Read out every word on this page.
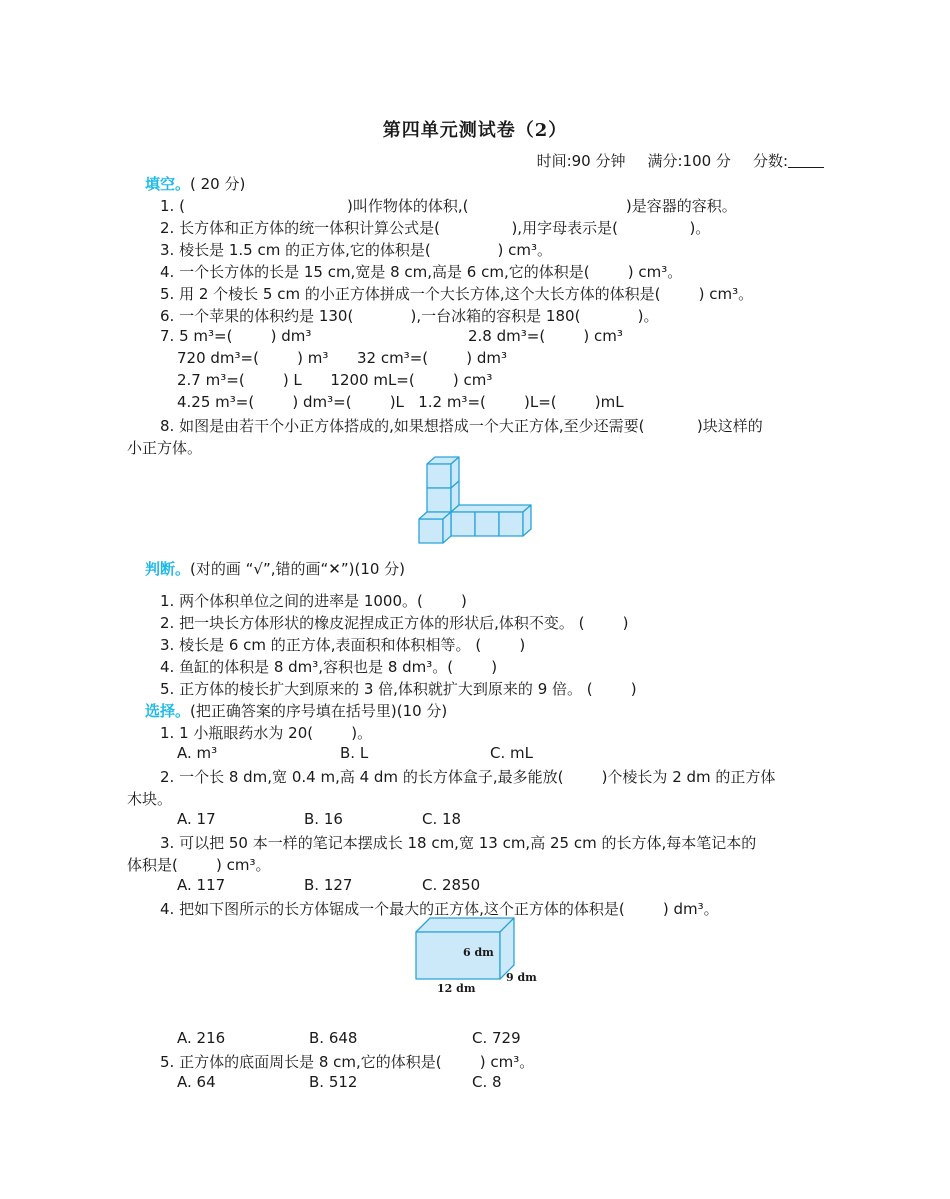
第四单元测试卷（2）
时间:90 分钟 满分:100 分 分数:
填空。( 20 分)
1. (                                  )叫作物体的体积,(                                 )是容器的容积。
2. 长方体和正方体的统一体积计算公式是(               ),用字母表示是(               )。
3. 棱长是 1.5 cm 的正方体,它的体积是(              ) cm³。
4. 一个长方体的长是 15 cm,宽是 8 cm,高是 6 cm,它的体积是(        ) cm³。
5. 用 2 个棱长 5 cm 的小正方体拼成一个大长方体,这个大长方体的体积是(        ) cm³。
6. 一个苹果的体积约是 130(            ),一台冰箱的容积是 180(            )。
7. 5 m³=(        ) dm³	2.8 dm³=(        ) cm³
720 dm³=(        ) m³      32 cm³=(        ) dm³
2.7 m³=(        ) L      1200 mL=(        ) cm³
4.25 m³=(        ) dm³=(        )L   1.2 m³=(        )L=(        )mL
8. 如图是由若干个小正方体搭成的,如果想搭成一个大正方体,至少还需要(           )块这样的
小正方体。
判断。(对的画 “√”,错的画“✕”)(10 分)
1. 两个体积单位之间的进率是 1000。(        )
2. 把一块长方体形状的橡皮泥捏成正方体的形状后,体积不变。 (        )
3. 棱长是 6 cm 的正方体,表面积和体积相等。 (        )
4. 鱼缸的体积是 8 dm³,容积也是 8 dm³。(        )
5. 正方体的棱长扩大到原来的 3 倍,体积就扩大到原来的 9 倍。 (        )
选择。(把正确答案的序号填在括号里)(10 分)
1. 1 小瓶眼药水为 20(        )。
A. m³	B. L	C. mL
2. 一个长 8 dm,宽 0.4 m,高 4 dm 的长方体盒子,最多能放(        )个棱长为 2 dm 的正方体
木块。
A. 17	B. 16	C. 18
3. 可以把 50 本一样的笔记本摆成长 18 cm,宽 13 cm,高 25 cm 的长方体,每本笔记本的
体积是(        ) cm³。
A. 117	B. 127	C. 2850
4. 把如下图所示的长方体锯成一个最大的正方体,这个正方体的体积是(        ) dm³。
6 dm
9 dm
12 dm
A. 216	B. 648	C. 729
5. 正方体的底面周长是 8 cm,它的体积是(        ) cm³。
A. 64	B. 512	C. 8
